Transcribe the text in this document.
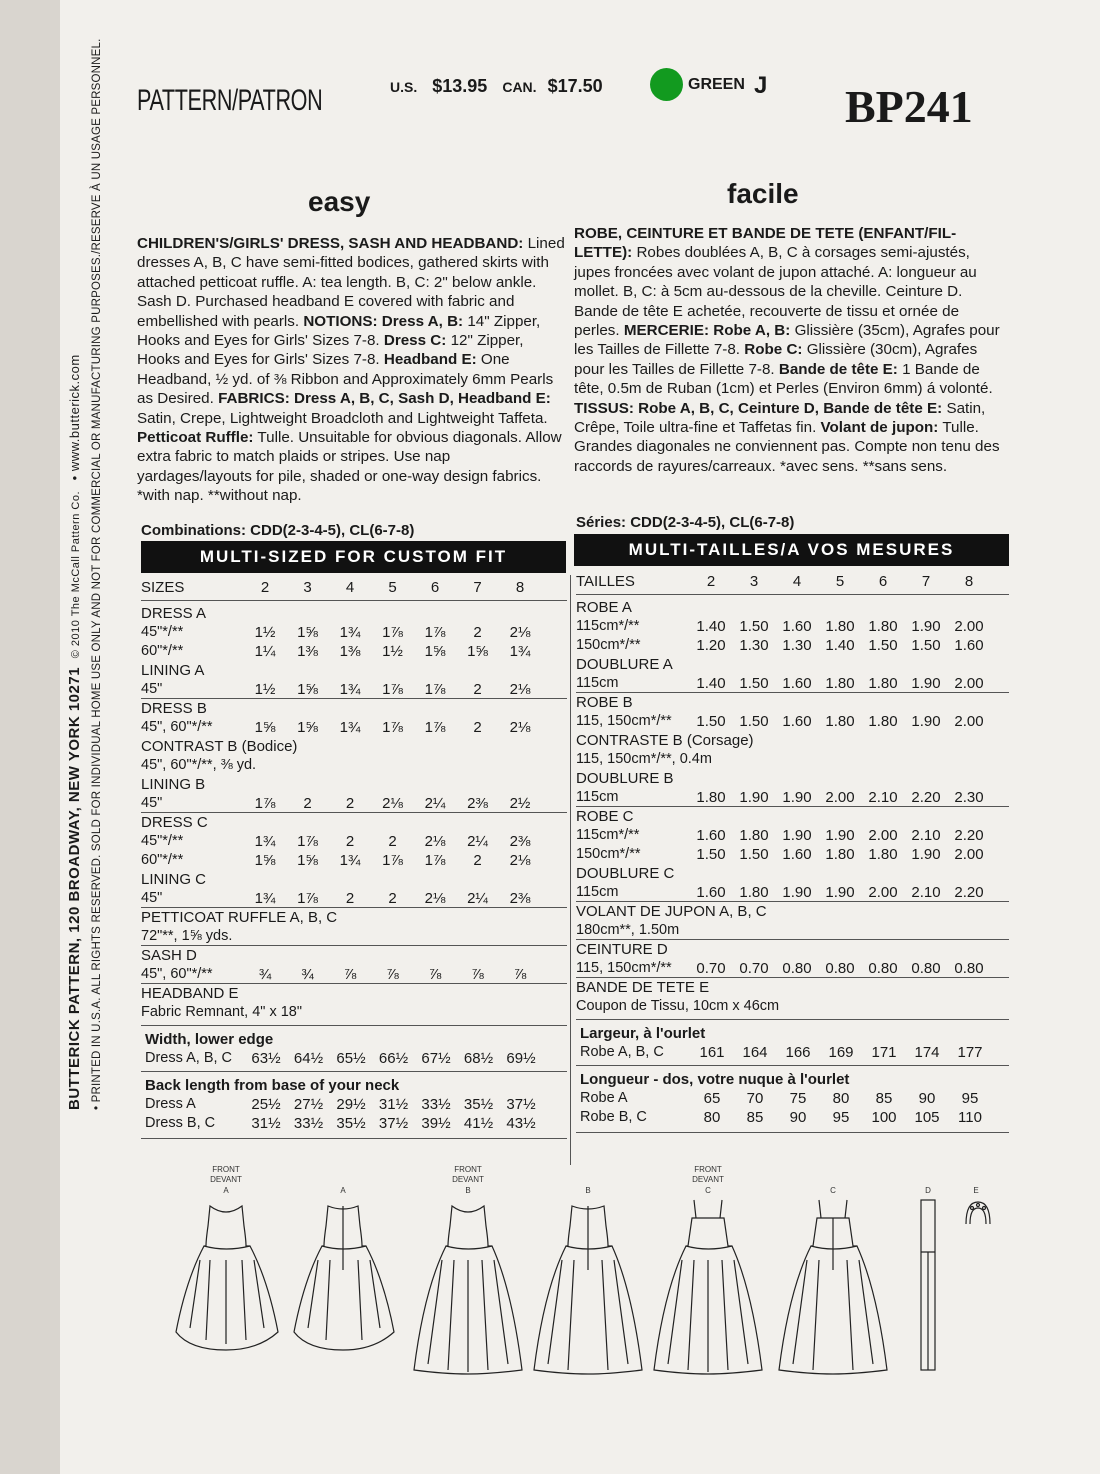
BUTTERICK PATTERN, 120 BROADWAY, NEW YORK 10271 © 2010 The McCall Pattern Co. • www.butterick.com • PRINTED IN U.S.A. ALL RIGHTS RESERVED. SOLD FOR INDIVIDUAL HOME USE ONLY AND NOT FOR COMMERCIAL OR MANUFACTURING PURPOSES./RESERVE À UN USAGE PERSONNEL. PATTERN/PATRON	U.S. $13.95 CAN. $17.50	GREEN J BP241
easy	facile
CHILDREN'S/GIRLS' DRESS, SASH AND HEADBAND: Lined dresses A, B, C have semi-fitted bodices, gathered skirts with attached petticoat ruffle. A: tea length. B, C: 2" below ankle. Sash D. Purchased headband E covered with fabric and embellished with pearls. NOTIONS: Dress A, B: 14" Zipper, Hooks and Eyes for Girls' Sizes 7-8. Dress C: 12" Zipper, Hooks and Eyes for Girls' Sizes 7-8. Headband E: One Headband, ½ yd. of ⅜ Ribbon and Approximately 6mm Pearls as Desired. FABRICS: Dress A, B, C, Sash D, Headband E: Satin, Crepe, Lightweight Broadcloth and Lightweight Taffeta. Petticoat Ruffle: Tulle. Unsuitable for obvious diagonals. Allow extra fabric to match plaids or stripes. Use nap yardages/layouts for pile, shaded or one-way design fabrics. *with nap. **without nap.
ROBE, CEINTURE ET BANDE DE TETE (ENFANT/FIL-LETTE): Robes doublées A, B, C à corsages semi-ajustés, jupes froncées avec volant de jupon attaché. A: longueur au mollet. B, C: à 5cm au-dessous de la cheville. Ceinture D. Bande de tête E achetée, recouverte de tissu et ornée de perles. MERCERIE: Robe A, B: Glissière (35cm), Agrafes pour les Tailles de Fillette 7-8. Robe C: Glissière (30cm), Agrafes pour les Tailles de Fillette 7-8. Bande de tête E: 1 Bande de tête, 0.5m de Ruban (1cm) et Perles (Environ 6mm) á volonté. TISSUS: Robe A, B, C, Ceinture D, Bande de tête E: Satin, Crêpe, Toile ultra-fine et Taffetas fin. Volant de jupon: Tulle. Grandes diagonales ne conviennent pas. Compte non tenu des raccords de rayures/carreaux. *avec sens. **sans sens.
Combinations: CDD(2-3-4-5), CL(6-7-8)	Séries: CDD(2-3-4-5), CL(6-7-8)
MULTI-SIZED FOR CUSTOM FIT	MULTI-TAILLES/A VOS MESURES
SIZES	2	3	4	5	6	7	8
DRESS A
45"*/**	1½	1⅝	1¾	1⅞	1⅞	2	2⅛
60"*/**	1¼	1⅜	1⅜	1½	1⅝	1⅝	1¾
LINING A
45"	1½	1⅝	1¾	1⅞	1⅞	2	2⅛
DRESS B
45", 60"*/**	1⅝	1⅝	1¾	1⅞	1⅞	2	2⅛
CONTRAST B (Bodice)
45", 60"*/**, ⅜ yd.
LINING B
45"	1⅞	2	2	2⅛	2¼	2⅜	2½
DRESS C
45"*/**	1¾	1⅞	2	2	2⅛	2¼	2⅜
60"*/**	1⅝	1⅝	1¾	1⅞	1⅞	2	2⅛
LINING C
45"	1¾	1⅞	2	2	2⅛	2¼	2⅜
PETTICOAT RUFFLE A, B, C
72"**, 1⅝ yds.
SASH D
45", 60"*/**	¾	¾	⅞	⅞	⅞	⅞	⅞
HEADBAND E
Fabric Remnant, 4" x 18"
Width, lower edge
Dress A, B, C	63½ 64½ 65½ 66½ 67½ 68½ 69½
Back length from base of your neck
Dress A	25½ 27½ 29½ 31½ 33½ 35½ 37½
Dress B, C	31½ 33½ 35½ 37½ 39½ 41½ 43½
TAILLES	2	3	4	5	6	7	8
ROBE A
115cm*/**	1.40 1.50 1.60 1.80 1.80 1.90 2.00
150cm*/**	1.20 1.30 1.30 1.40 1.50 1.50 1.60
DOUBLURE A
115cm	1.40 1.50 1.60 1.80 1.80 1.90 2.00
ROBE B
115, 150cm*/**	1.50 1.50 1.60 1.80 1.80 1.90 2.00
CONTRASTE B (Corsage)
115, 150cm*/**, 0.4m
DOUBLURE B
115cm	1.80 1.90 1.90 2.00 2.10 2.20 2.30
ROBE C
115cm*/**	1.60 1.80 1.90 1.90 2.00 2.10 2.20
150cm*/**	1.50 1.50 1.60 1.80 1.80 1.90 2.00
DOUBLURE C
115cm	1.60 1.80 1.90 1.90 2.00 2.10 2.20
VOLANT DE JUPON A, B, C
180cm**, 1.50m
CEINTURE D
115, 150cm*/**	0.70 0.70 0.80 0.80 0.80 0.80 0.80
BANDE DE TETE E
Coupon de Tissu, 10cm x 46cm
Largeur, à l'ourlet
Robe A, B, C	161	164	166	169	171	174	177
Longueur - dos, votre nuque à l'ourlet
Robe A	65	70	75	80	85	90	95
Robe B, C	80	85	90	95	100	105	110
FRONT
DEVANT
A	A
FRONT
DEVANT
B	B
FRONT
DEVANT
C	C	D	E
